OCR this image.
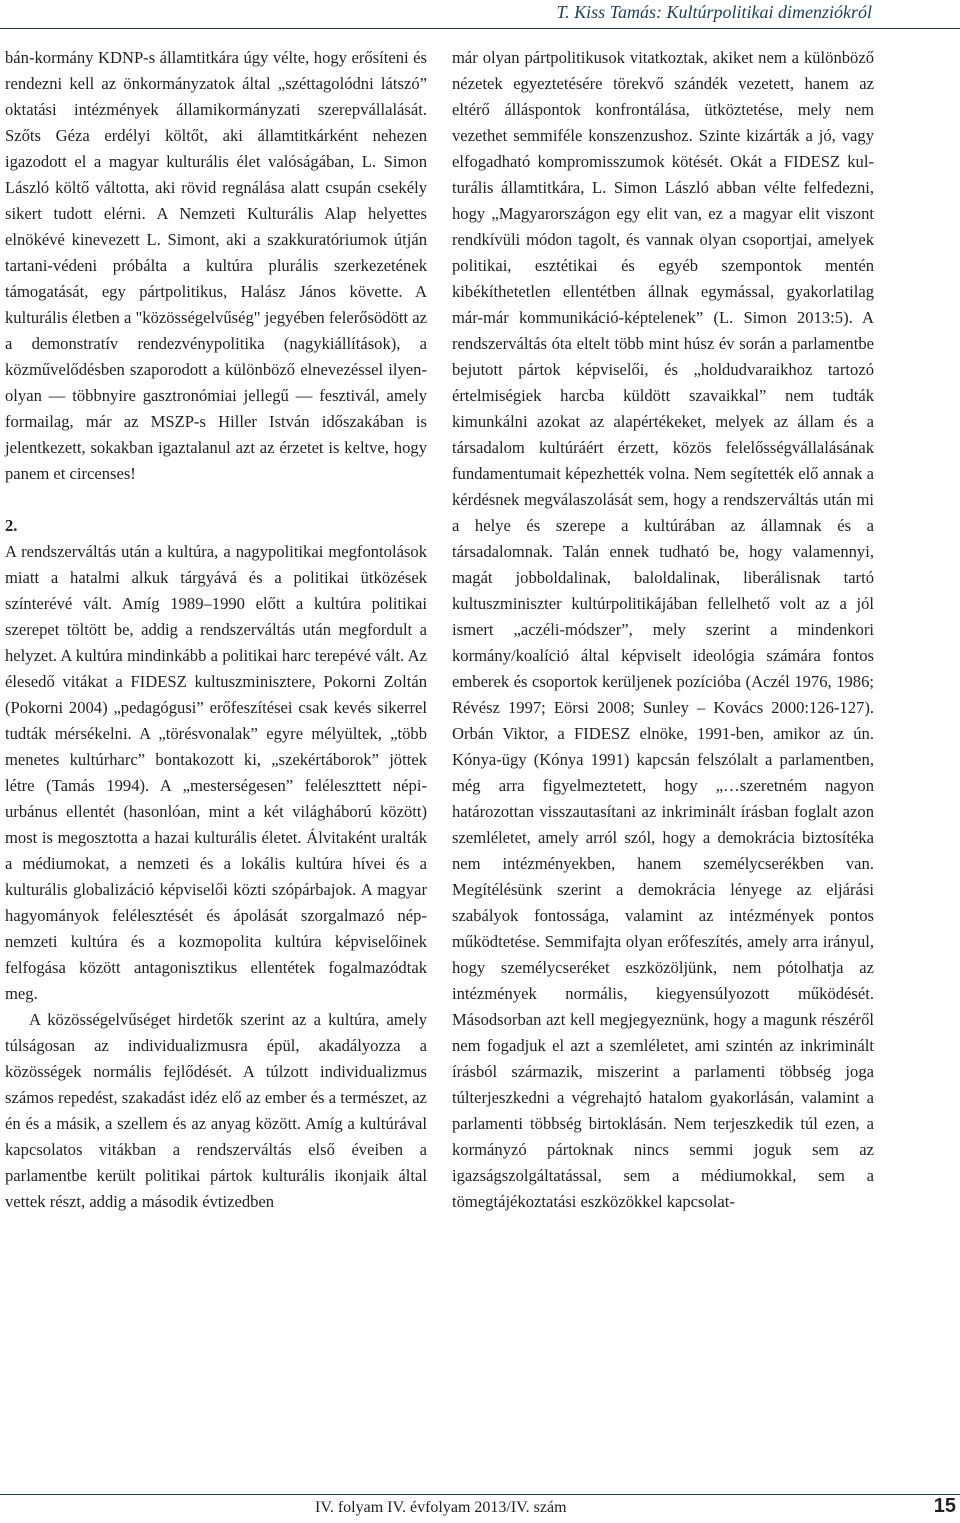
T. Kiss Tamás: Kultúrpolitikai dimenziókról

bán-kormány KDNP-s államtitkára úgy vélte, hogy erősíteni és rendezni kell az önkormányzatok által „széttagolódni látszó” oktatási intézmények államikormányzati szerepvállalását. Szőts Géza erdélyi költőt, aki államtitkárként nehezen igazodott el a magyar kulturális élet valóságában, L. Simon László költő váltotta, aki rövid regnálása alatt csupán csekély sikert tudott elérni. A Nemzeti Kulturális Alap helyettes elnökévé kinevezett L. Simont, aki a szakkuratóriumok útján tartani-védeni próbálta a kultúra plurális szerkezetének támogatását, egy pártpolitikus, Halász János követte. A kulturális életben a "közösségelvűség" jegyében felerősödött az a demonstratív rendezvénypolitika (nagykiállítások), a közművelődésben szaporodott a különböző elnevezéssel ilyen-olyan — többnyire gasztronómiai jellegű — fesztivál, amely formailag, már az MSZP-s Hiller István időszakában is jelentkezett, sokakban igaztalanul azt az érzetet is keltve, hogy panem et circenses!

2.

A rendszerváltás után a kultúra, a nagypolitikai megfontolások miatt a hatalmi alkuk tárgyává és a politikai ütközések színterévé vált. Amíg 1989–1990 előtt a kultúra politikai szerepet töltött be, addig a rendszerváltás után megfordult a helyzet. A kultúra mindinkább a politikai harc terepévé vált. Az élesedő vitákat a FIDESZ kultuszminisztere, Pokorni Zoltán (Pokorni 2004) „pedagógusi” erőfeszítései csak kevés sikerrel tudták mérsékelni. A „törésvonalak” egyre mélyültek, „több menetes kultúrharc” bontakozott ki, „szekértáborok” jöttek létre (Tamás 1994). A „mesterségesen” feléleszttett népi-urbánus ellentét (hasonlóan, mint a két világháború között) most is megosztotta a hazai kulturális életet. Álvitaként uralták a médiumokat, a nemzeti és a lokális kultúra hívei és a kulturális globalizáció képviselői közti szópárbajok. A magyar hagyományok felélesztését és ápolását szorgalmazó nép-nemzeti kultúra és a kozmopolita kultúra képviselőinek felfogása között antagonisztikus ellentétek fogalmazódtak meg.

A közösségelvűséget hirdetők szerint az a kultúra, amely túlságosan az individualizmusra épül, akadályozza a közösségek normális fejlődését. A túlzott individualizmus számos repedést, szakadást idéz elő az ember és a természet, az én és a másik, a szellem és az anyag között. Amíg a kultúrával kapcsolatos vitákban a rendszerváltás első éveiben a parlamentbe került politikai pártok kulturális ikonjaik által vettek részt, addig a második évtizedben

már olyan pártpolitikusok vitatkoztak, akiket nem a különböző nézetek egyeztetésére törekvő szándék vezetett, hanem az eltérő álláspontok konfrontálása, ütköztetése, mely nem vezethet semmiféle konszenzushoz. Szinte kizárták a jó, vagy elfogadható kompromisszumok kötését. Okát a FIDESZ kulturális államtitkára, L. Simon László abban vélte felfedezni, hogy „Magyarországon egy elit van, ez a magyar elit viszont rendkívüli módon tagolt, és vannak olyan csoportjai, amelyek politikai, esztétikai és egyéb szempontok mentén kibékíthetetlen ellentétben állnak egymással, gyakorlatilag már-már kommunikáció-képtelenek” (L. Simon 2013:5). A rendszerváltás óta eltelt több mint húsz év során a parlamentbe bejutott pártok képviselői, és „holdudvaraikhoz tartozó értelmiségiek harcba küldött szavaikkal” nem tudták kimunkálni azokat az alapértékeket, melyek az állam és a társadalom kultúráért érzett, közös felelősségvállalásának fundamentumait képezhették volna. Nem segítették elő annak a kérdésnek megválaszolását sem, hogy a rendszerváltás után mi a helye és szerepe a kultúrában az államnak és a társadalomnak. Talán ennek tudható be, hogy valamennyi, magát jobboldalinak, baloldalinak, liberálisnak tartó kultuszminiszter kultúrpolitikájában fellelhető volt az a jól ismert „aczéli-módszer”, mely szerint a mindenkori kormány/koalíció által képviselt ideológia számára fontos emberek és csoportok kerüljenek pozícióba (Aczél 1976, 1986; Révész 1997; Eörsi 2008; Sunley – Kovács 2000:126-127). Orbán Viktor, a FIDESZ elnöke, 1991-ben, amikor az ún. Kónya-ügy (Kónya 1991) kapcsán felszólalt a parlamentben, még arra figyelmeztetett, hogy „…szeretném nagyon határozottan visszautasítani az inkriminált írásban foglalt azon szemléletet, amely arról szól, hogy a demokrácia biztosítéka nem intézményekben, hanem személycserékben van. Megítélésünk szerint a demokrácia lényege az eljárási szabályok fontossága, valamint az intézmények pontos működtetése. Semmifajta olyan erőfeszítés, amely arra irányul, hogy személycseréket eszközöljünk, nem pótolhatja az intézmények normális, kiegyensúlyozott működését. Másodsorban azt kell megjegyeznünk, hogy a magunk részéről nem fogadjuk el azt a szemléletet, ami szintén az inkriminált írásból származik, miszerint a parlamenti többség joga túlterjeszkedni a végrehajtó hatalom gyakorlásán, valamint a parlamenti többség birtoklásán. Nem terjeszkedik túl ezen, a kormányzó pártoknak nincs semmi joguk sem az igazságszolgáltatással, sem a médiumokkal, sem a tömegtájékoztatási eszközökkel kapcsolat-

IV. folyam IV. évfolyam 2013/IV. szám	15
